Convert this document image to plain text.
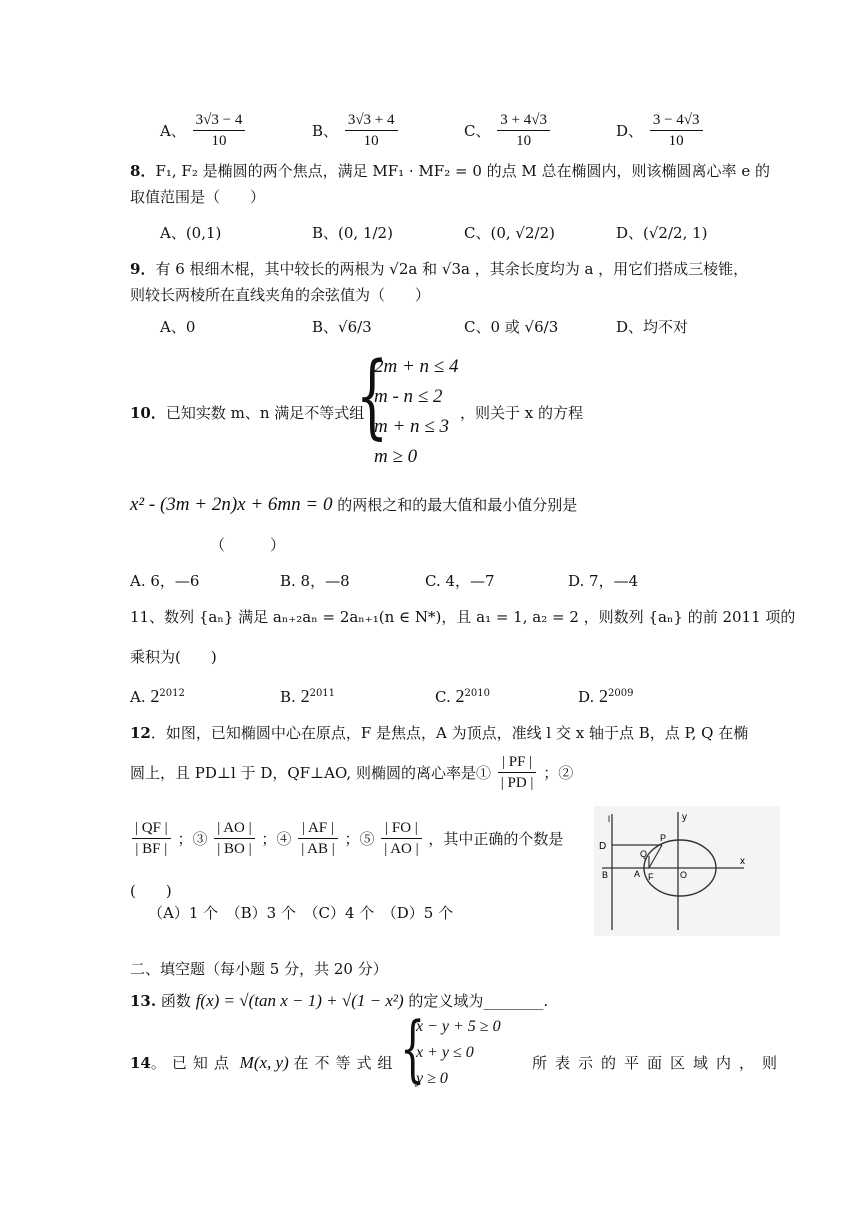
A、 $\frac{3√3 - 4}{10}$	B、 $\frac{3√3 + 4}{10}$	C、 $\frac{3 + 4√3}{10}$	D、 $\frac{3 - 4√3}{10}$
8．F₁, F₂ 是椭圆的两个焦点，满足 MF₁ · MF₂ = 0 的点 M 总在椭圆内，则该椭圆离心率 e 的
取值范围是（　　）
A、(0,1)	B、(0, 1/2)	C、(0, √2/2)	D、(√2/2, 1)
9．有 6 根细木棍，其中较长的两根为 √2a 和 √3a ，其余长度均为 a ，用它们搭成三棱锥，
则较长两棱所在直线夹角的余弦值为（　　）
A、0	B、√6/3	C、0 或 √6/3	D、均不对
10．已知实数 m、n 满足不等式组
{
2m + n ≤ 4
m - n ≤ 2
m + n ≤ 3
m ≥ 0
，则关于 x 的方程
x² - (3m + 2n)x + 6mn = 0 的两根之和的最大值和最小值分别是
（　　　）
A. 6，—6	B. 8，—8	C. 4，—7	D. 7，—4
11、数列 {aₙ} 满足 aₙ₊₂aₙ = 2aₙ₊₁(n ∈ N*)，且 a₁ = 1, a₂ = 2 ，则数列 {aₙ} 的前 2011 项的
乘积为(　　)
A. $2^{2012}$	B. $2^{2011}$	C. $2^{2010}$	D. $2^{2009}$
12．如图，已知椭圆中心在原点，F 是焦点，A 为顶点，准线 l 交 x 轴于点 B，点 P, Q 在椭
圆上，且 PD⊥l 于 D，QF⊥AO, 则椭圆的离心率是① $\frac{| PF |}{| PD |}$ ；②
$\frac{| QF |}{| BF |}$ ；③ $\frac{| AO |}{| BO |}$ ；④ $\frac{| AF |}{| AB |}$ ；⑤ $\frac{| FO |}{| AO |}$ ，其中正确的个数是
(　　)
（A）1 个　（B）3 个　（C）4 个　（D）5 个
l	y
x
D
P
Q
B	A F	O
二、填空题（每小题 5 分，共 20 分）
13. 函数 f(x) = √(tan x − 1) + √(1 − x²) 的定义域为________.
14。已知点 M(x, y) 在不等式组 {
x − y + 5 ≥ 0
x + y ≤ 0
y ≥ 0
所表示的平面区域内，则
